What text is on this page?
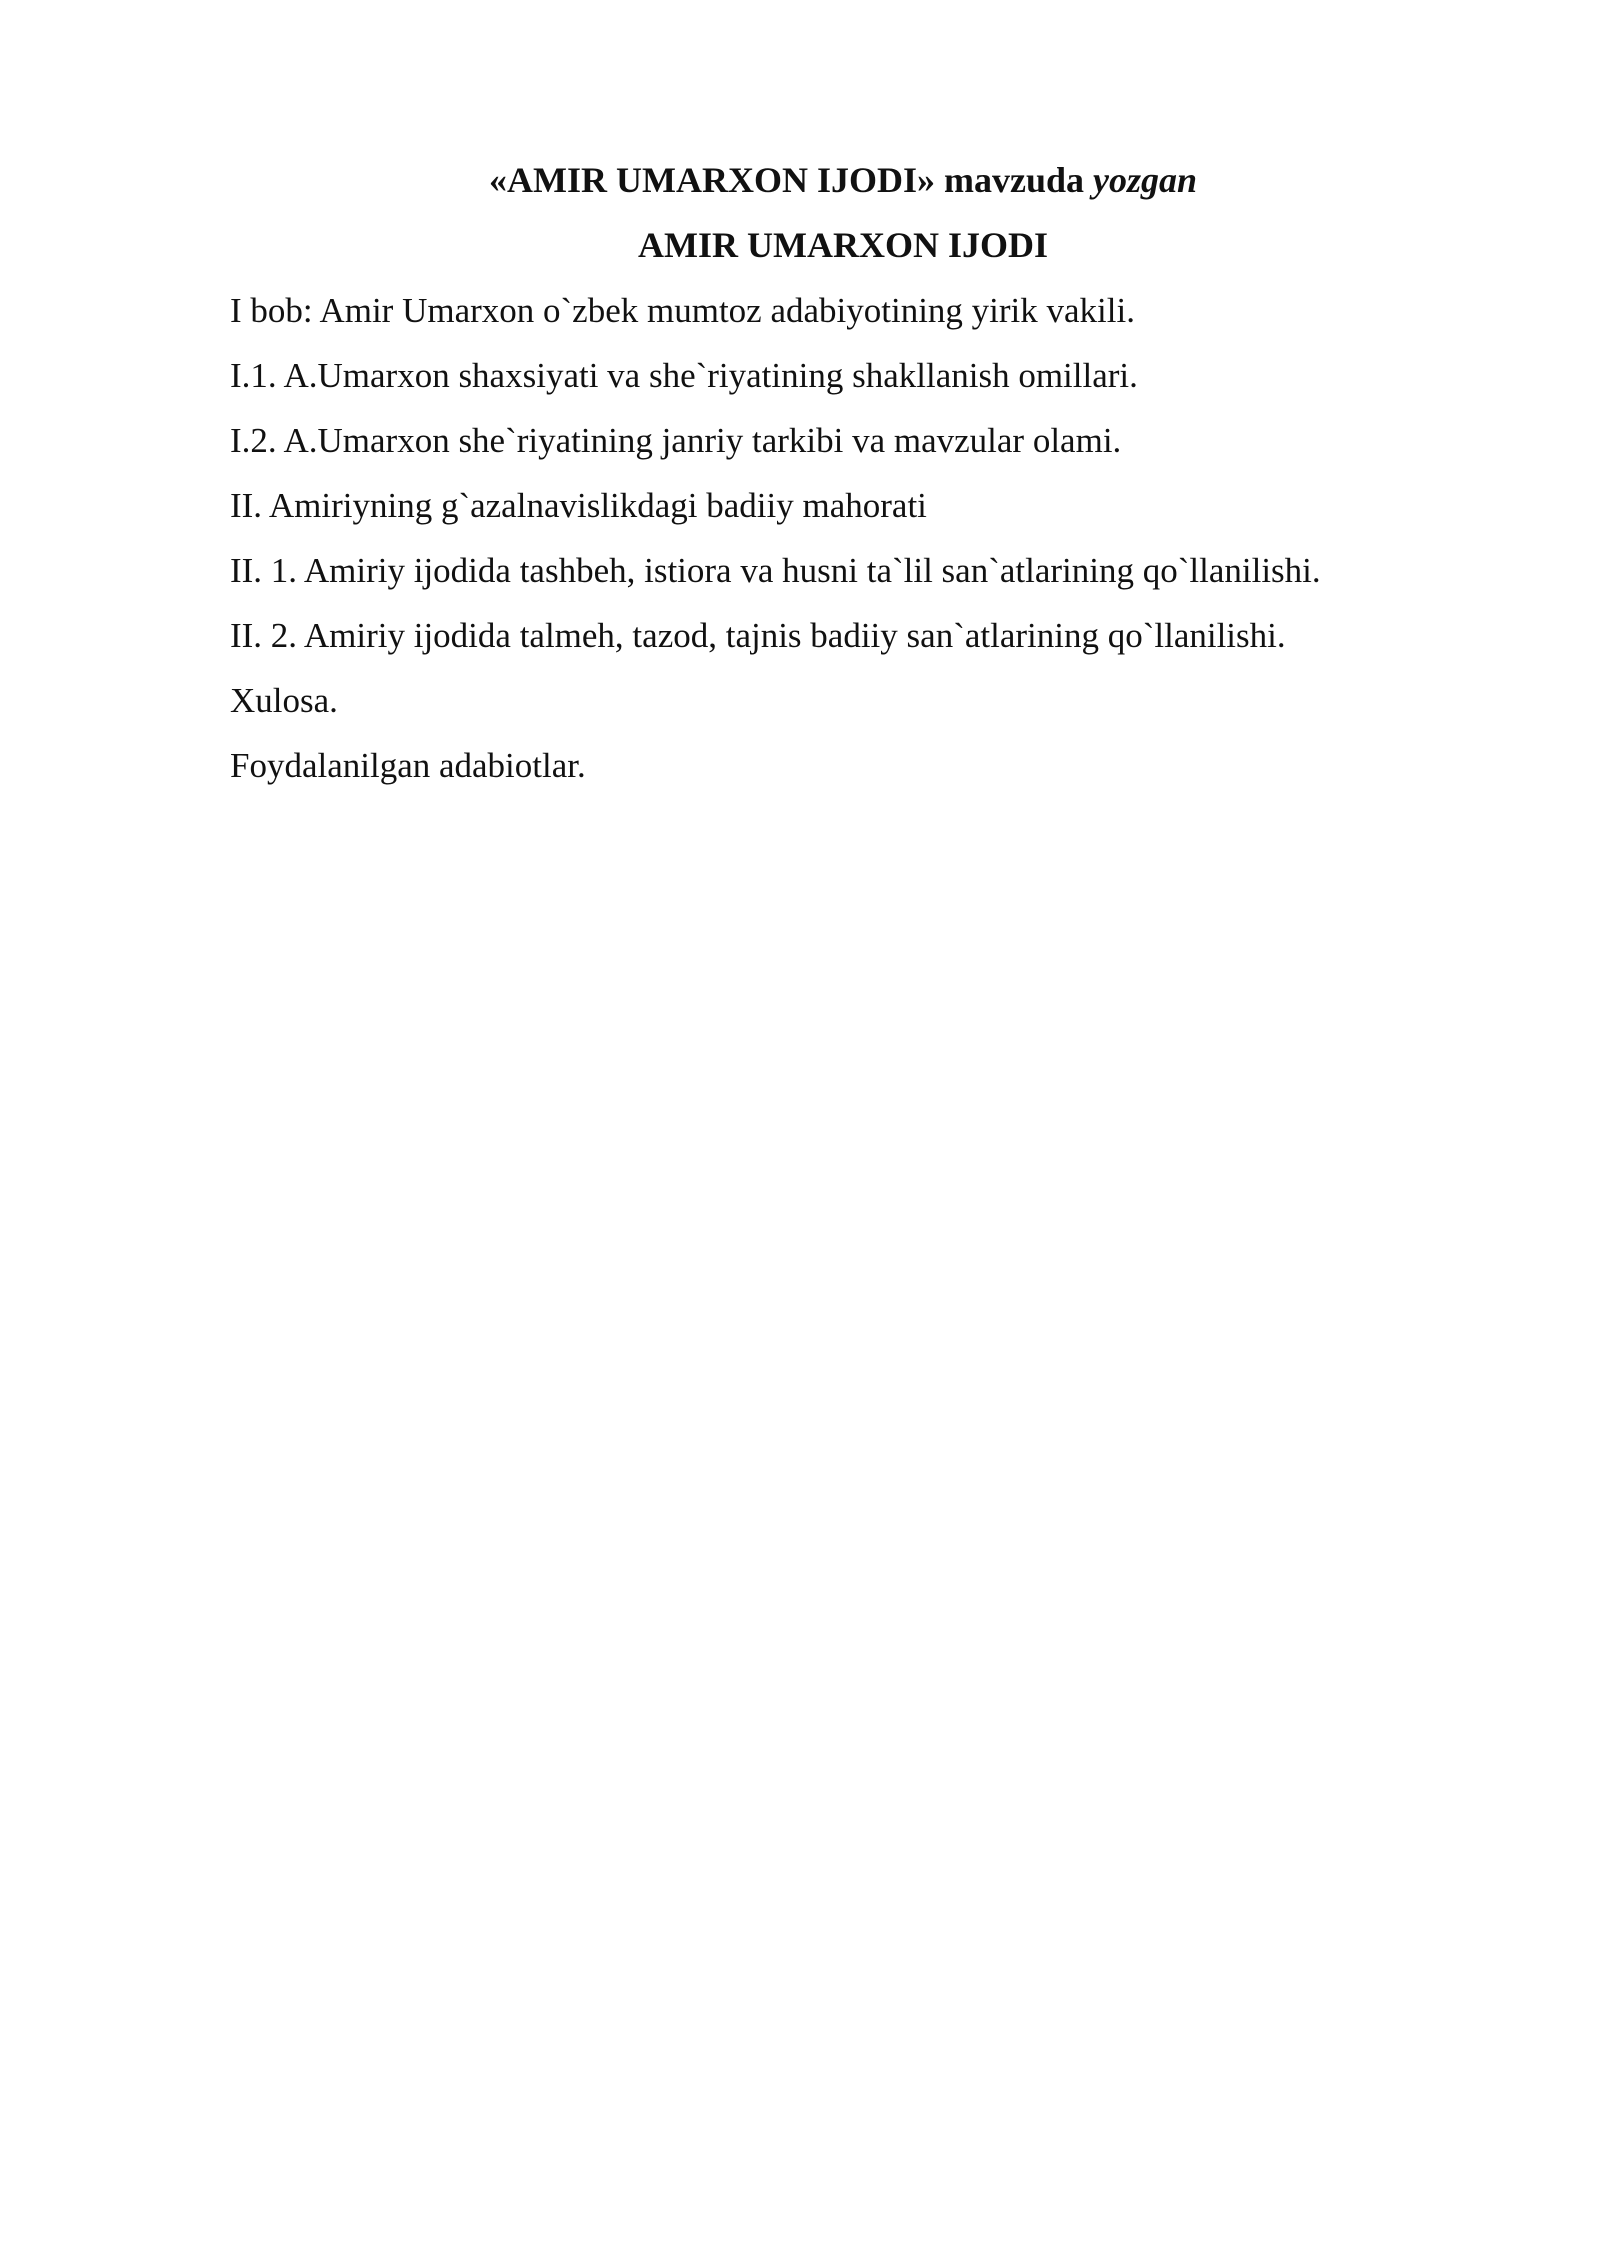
«AMIR UMARXON IJODI» mavzuda yozgan
AMIR UMARXON IJODI
I bob: Amir Umarxon o`zbek mumtoz adabiyotining yirik vakili.
I.1. A.Umarxon shaxsiyati va she`riyatining shakllanish omillari.
I.2. A.Umarxon she`riyatining janriy tarkibi va mavzular olami.
II. Amiriyning g`azalnavislikdagi badiiy mahorati
II. 1. Amiriy ijodida tashbeh, istiora va husni ta`lil san`atlarining qo`llanilishi.
II. 2. Amiriy ijodida talmeh, tazod, tajnis badiiy san`atlarining qo`llanilishi.
Xulosa.
Foydalanilgan adabiotlar.
